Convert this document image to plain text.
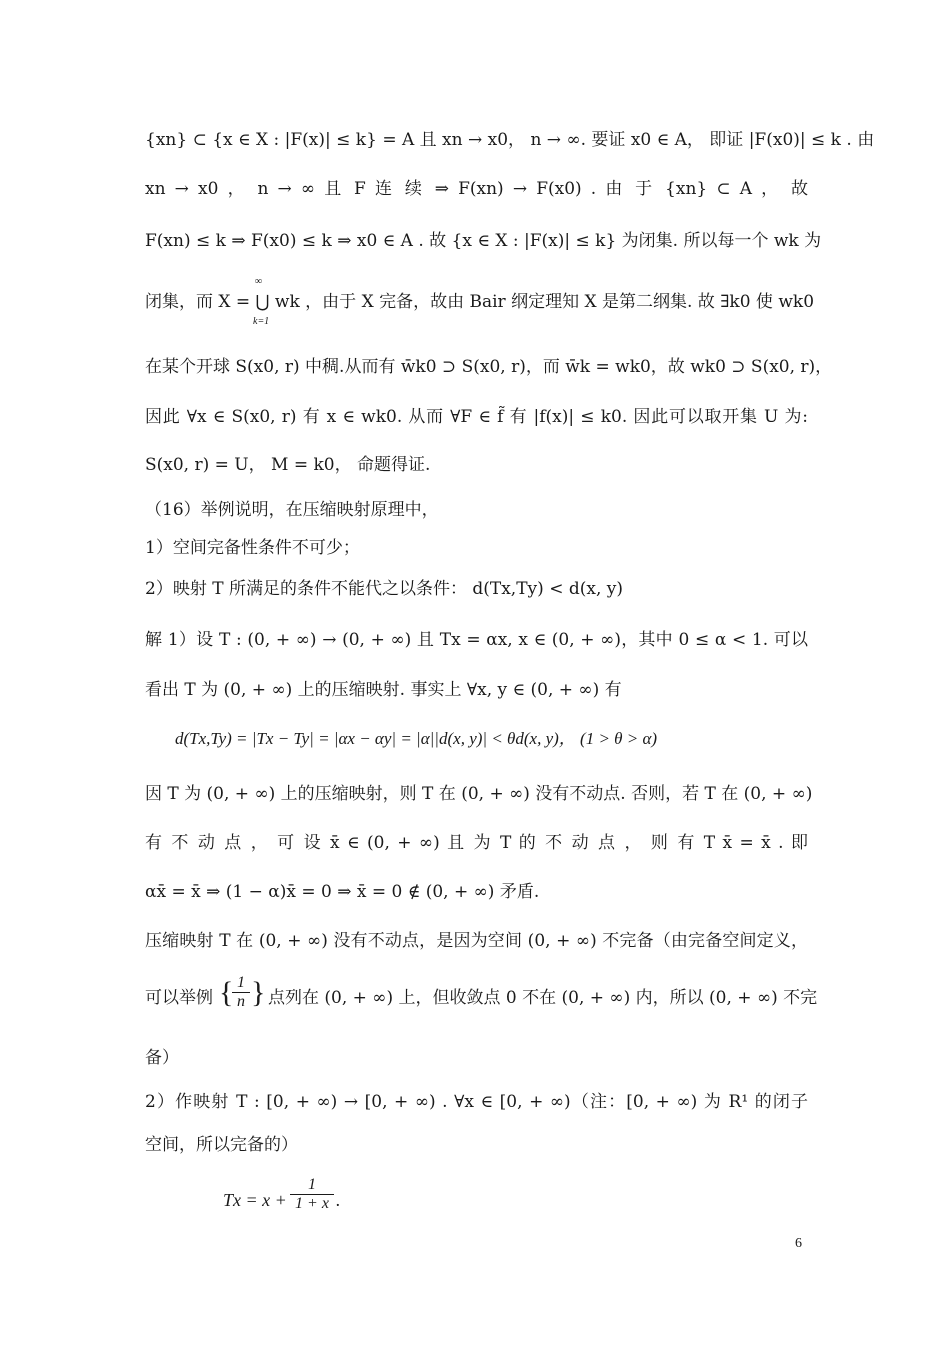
{xn} ⊂ {x ∈ X : |F(x)| ≤ k} = A 且 xn → x0， n → ∞. 要证 x0 ∈ A， 即证 |F(x0)| ≤ k . 由
xn → x0 ， n → ∞ 且 F 连 续 ⇒ F(xn) → F(x0) . 由 于 {xn} ⊂ A ， 故
F(xn) ≤ k ⇒ F(x0) ≤ k ⇒ x0 ∈ A . 故 {x ∈ X : |F(x)| ≤ k} 为闭集. 所以每一个 wk 为
闭集，而 X = ⋃ wk ，由于 X 完备，故由 Bair 纲定理知 X 是第二纲集. 故 ∃k0 使 wk0
∞
k=1
在某个开球 S(x0, r) 中稠.从而有 w̄k0 ⊃ S(x0, r)，而 w̄k = wk0，故 wk0 ⊃ S(x0, r)，
因此 ∀x ∈ S(x0, r) 有 x ∈ wk0. 从而 ∀F ∈ f̃ 有 |f(x)| ≤ k0. 因此可以取开集 U 为:
S(x0, r) = U， M = k0， 命题得证.
（16）举例说明，在压缩映射原理中，
1）空间完备性条件不可少；
2）映射 T 所满足的条件不能代之以条件： d(Tx,Ty) < d(x, y)
解 1）设 T : (0, + ∞) → (0, + ∞) 且 Tx = αx, x ∈ (0, + ∞)，其中 0 ≤ α < 1. 可以
看出 T 为 (0, + ∞) 上的压缩映射. 事实上 ∀x, y ∈ (0, + ∞) 有
d(Tx,Ty) = |Tx − Ty| = |αx − αy| = |α||d(x, y)| < θd(x, y)， (1 > θ > α)
因 T 为 (0, + ∞) 上的压缩映射，则 T 在 (0, + ∞) 没有不动点. 否则，若 T 在 (0, + ∞)
有 不 动 点 ， 可 设 x̄ ∈ (0, + ∞) 且 为 T 的 不 动 点 ， 则 有 T x̄ = x̄ . 即
αx̄ = x̄ ⇒ (1 − α)x̄ = 0 ⇒ x̄ = 0 ∉ (0, + ∞) 矛盾.
压缩映射 T 在 (0, + ∞) 没有不动点，是因为空间 (0, + ∞) 不完备（由完备空间定义，
可以举例 { 1
n } 点列在 (0, + ∞) 上，但收敛点 0 不在 (0, + ∞) 内，所以 (0, + ∞) 不完
备）
2）作映射 T : [0, + ∞) → [0, + ∞) . ∀x ∈ [0, + ∞)（注：[0, + ∞) 为 R¹ 的闭子
空间，所以完备的）
Tx = x +
1
1 + x .
6
